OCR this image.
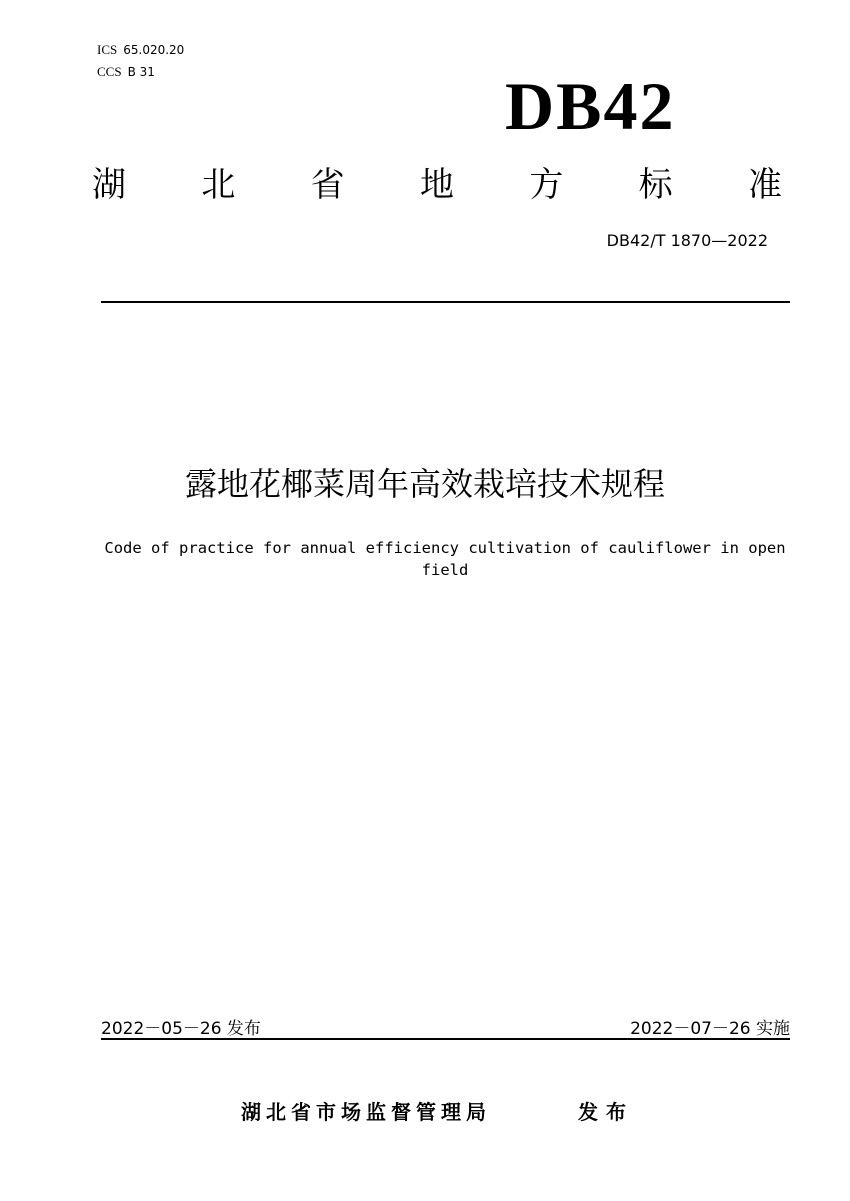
ICS 65.020.20
CCS B 31	DB42
湖 北 省 地 方 标 准
DB42/T 1870—2022
露地花椰菜周年高效栽培技术规程
Code of practice for annual efficiency cultivation of cauliflower in open field
2022－05－26 发布	2022－07－26 实施
湖北省市场监督管理局	发布
